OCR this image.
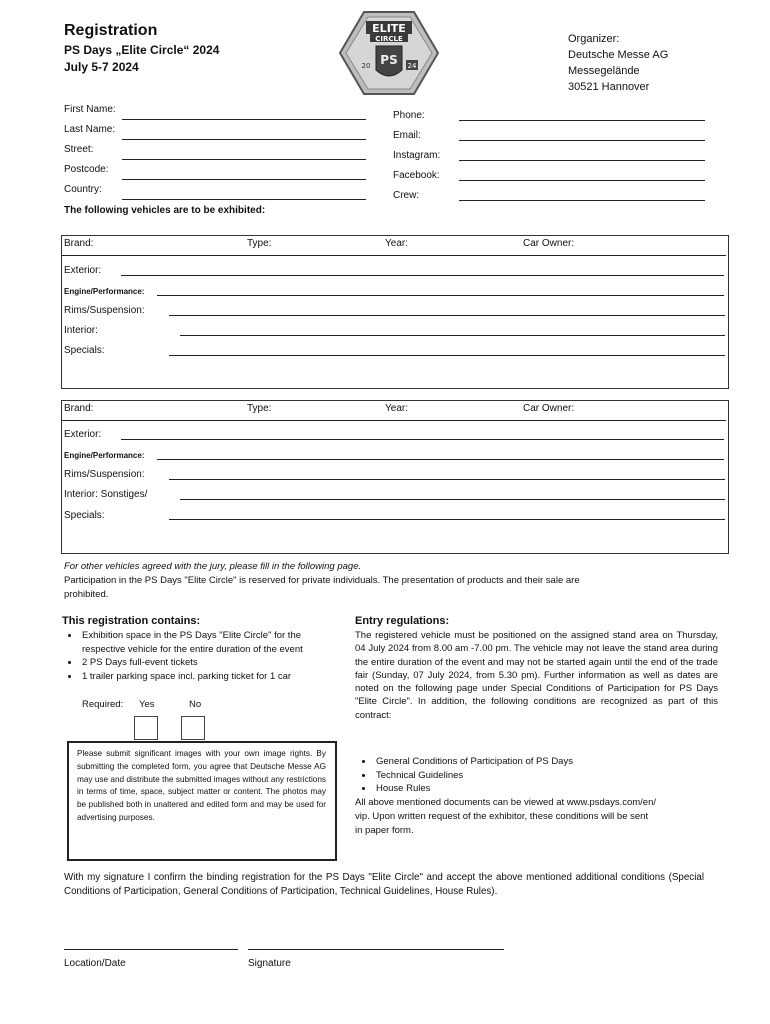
Registration
PS Days „Elite Circle“ 2024
July 5-7 2024
ELITE
CIRCLE
PS
20	24
Organizer:
Deutsche Messe AG
Messegelände
30521 Hannover
First Name:
Last Name:
Street:
Postcode:
Country:
Phone:
Email:
Instagram:
Facebook:
Crew:
The following vehicles are to be exhibited:
Brand:	Type:	Year:	Car Owner:
Exterior:
Engine/Performance:
Rims/Suspension:
Interior:
Specials:
Brand:	Type:	Year:	Car Owner:
Exterior:
Engine/Performance:
Rims/Suspension:
Interior: Sonstiges/
Specials:
For other vehicles agreed with the jury, please fill in the following page.
Participation in the PS Days "Elite Circle" is reserved for private individuals. The presentation of products and their sale are
prohibited.
This registration contains:
• Exhibition space in the PS Days "Elite Circle" for the respective vehicle for the entire duration of the event
• 2 PS Days full-event tickets
• 1 trailer parking space incl. parking ticket for 1 car
Required: Yes	No
Please submit significant images with your own image rights. By submitting the completed form, you agree that Deutsche Messe AG may use and distribute the submitted images without any restrictions in terms of time, space, subject matter or content. The photos may be published both in unaltered and edited form and may be used for advertising purposes.
Entry regulations:
The registered vehicle must be positioned on the assigned stand area on Thursday, 04 July 2024 from 8.00 am -7.00 pm. The vehicle may not leave the stand area during the entire duration of the event and may not be started again until the end of the trade fair (Sunday, 07 July 2024, from 5.30 pm). Further information as well as dates are noted on the following page under Special Conditions of Participation for PS Days "Elite Circle". In addition, the following conditions are recognized as part of this contract:
• General Conditions of Participation of PS Days
• Technical Guidelines
• House Rules
All above mentioned documents can be viewed at www.psdays.com/en/
vip. Upon written request of the exhibitor, these conditions will be sent
in paper form.
With my signature I confirm the binding registration for the PS Days "Elite Circle" and accept the above mentioned additional conditions (Special Conditions of Participation, General Conditions of Participation, Technical Guidelines, House Rules).
Location/Date	Signature
